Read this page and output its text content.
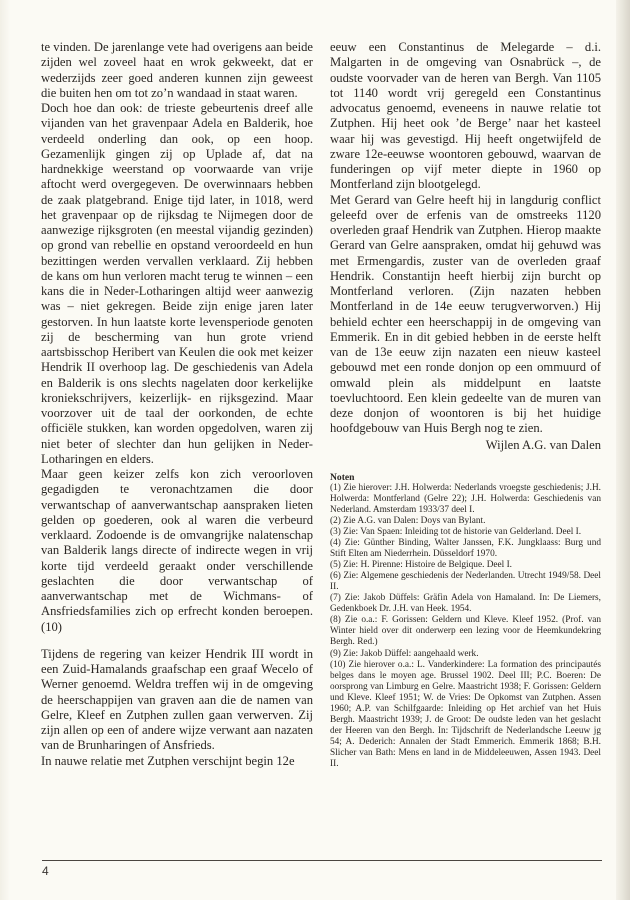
te vinden. De jarenlange vete had overigens aan beide zijden wel zoveel haat en wrok gekweekt, dat er wederzijds zeer goed anderen kunnen zijn geweest die buiten hen om tot zo’n wandaad in staat waren.

Doch hoe dan ook: de trieste gebeurtenis dreef alle vijanden van het gravenpaar Adela en Balderik, hoe verdeeld onderling dan ook, op een hoop. Gezamenlijk gingen zij op Uplade af, dat na hardnekkige weerstand op voorwaarde van vrije aftocht werd overgegeven. De overwinnaars hebben de zaak platgebrand. Enige tijd later, in 1018, werd het gravenpaar op de rijksdag te Nijmegen door de aanwezige rijksgroten (en meestal vijandig gezinden) op grond van rebellie en opstand veroordeeld en hun bezittingen werden vervallen verklaard. Zij hebben de kans om hun verloren macht terug te winnen – een kans die in Neder-Lotharingen altijd weer aanwezig was – niet gekregen. Beide zijn enige jaren later gestorven. In hun laatste korte levensperiode genoten zij de bescherming van hun grote vriend aartsbisschop Heribert van Keulen die ook met keizer Hendrik II overhoop lag. De geschiedenis van Adela en Balderik is ons slechts nagelaten door kerkelijke kroniekschrijvers, keizerlijk- en rijksgezind. Maar voorzover uit de taal der oorkonden, de echte officiële stukken, kan worden opgedolven, waren zij niet beter of slechter dan hun gelijken in Neder-Lotharingen en elders.

Maar geen keizer zelfs kon zich veroorloven gegadigden te veronachtzamen die door verwantschap of aanverwantschap aanspraken lieten gelden op goederen, ook al waren die verbeurd verklaard. Zodoende is de omvangrijke nalatenschap van Balderik langs directe of indirecte wegen in vrij korte tijd verdeeld geraakt onder verschillende geslachten die door verwantschap of aanverwantschap met de Wichmans- of Ansfriedsfamilies zich op erfrecht konden beroepen.(10)

Tijdens de regering van keizer Hendrik III wordt in een Zuid-Hamalands graafschap een graaf Wecelo of Werner genoemd. Weldra treffen wij in de omgeving de heerschappijen van graven aan die de namen van Gelre, Kleef en Zutphen zullen gaan verwerven. Zij zijn allen op een of andere wijze verwant aan nazaten van de Brunharingen of Ansfrieds.

In nauwe relatie met Zutphen verschijnt begin 12e

eeuw een Constantinus de Melegarde – d.i. Malgarten in de omgeving van Osnabrück –, de oudste voorvader van de heren van Bergh. Van 1105 tot 1140 wordt vrij geregeld een Constantinus advocatus genoemd, eveneens in nauwe relatie tot Zutphen. Hij heet ook ’de Berge’ naar het kasteel waar hij was gevestigd. Hij heeft ongetwijfeld de zware 12e-eeuwse woontoren gebouwd, waarvan de funderingen op vijf meter diepte in 1960 op Montferland zijn blootgelegd.

Met Gerard van Gelre heeft hij in langdurig conflict geleefd over de erfenis van de omstreeks 1120 overleden graaf Hendrik van Zutphen. Hierop maakte Gerard van Gelre aanspraken, omdat hij gehuwd was met Ermengardis, zuster van de overleden graaf Hendrik. Constantijn heeft hierbij zijn burcht op Montferland verloren. (Zijn nazaten hebben Montferland in de 14e eeuw terugverworven.) Hij behield echter een heerschappij in de omgeving van Emmerik. En in dit gebied hebben in de eerste helft van de 13e eeuw zijn nazaten een nieuw kasteel gebouwd met een ronde donjon op een ommuurd of omwald plein als middelpunt en laatste toevluchtoord. Een klein gedeelte van de muren van deze donjon of woontoren is bij het huidige hoofdgebouw van Huis Bergh nog te zien.

Wijlen A.G. van Dalen

Noten

(1) Zie hierover: J.H. Holwerda: Nederlands vroegste geschiedenis; J.H. Holwerda: Montferland (Gelre 22); J.H. Holwerda: Geschiedenis van Nederland. Amsterdam 1933/37 deel I.

(2) Zie A.G. van Dalen: Doys van Bylant.

(3) Zie: Van Spaen: Inleiding tot de historie van Gelderland. Deel I.

(4) Zie: Günther Binding, Walter Janssen, F.K. Jungklaass: Burg und Stift Elten am Niederrhein. Düsseldorf 1970.

(5) Zie: H. Pirenne: Histoire de Belgique. Deel I.

(6) Zie: Algemene geschiedenis der Nederlanden. Utrecht 1949/58. Deel II.

(7) Zie: Jakob Düffels: Gräfin Adela von Hamaland. In: De Liemers, Gedenkboek Dr. J.H. van Heek. 1954.

(8) Zie o.a.: F. Gorissen: Geldern und Kleve. Kleef 1952. (Prof. van Winter hield over dit onderwerp een lezing voor de Heemkundekring Bergh. Red.)

(9) Zie: Jakob Düffel: aangehaald werk.

(10) Zie hierover o.a.: L. Vanderkindere: La formation des principautés belges dans le moyen age. Brussel 1902. Deel III; P.C. Boeren: De oorsprong van Limburg en Gelre. Maastricht 1938; F. Gorissen: Geldern und Kleve. Kleef 1951; W. de Vries: De Opkomst van Zutphen. Assen 1960; A.P. van Schilfgaarde: Inleiding op Het archief van het Huis Bergh. Maastricht 1939; J. de Groot: De oudste leden van het geslacht der Heeren van den Bergh. In: Tijdschrift de Nederlandsche Leeuw jg 54; A. Dederich: Annalen der Stadt Emmerich. Emmerik 1868; B.H. Slicher van Bath: Mens en land in de Middeleeuwen, Assen 1943. Deel II.

4
